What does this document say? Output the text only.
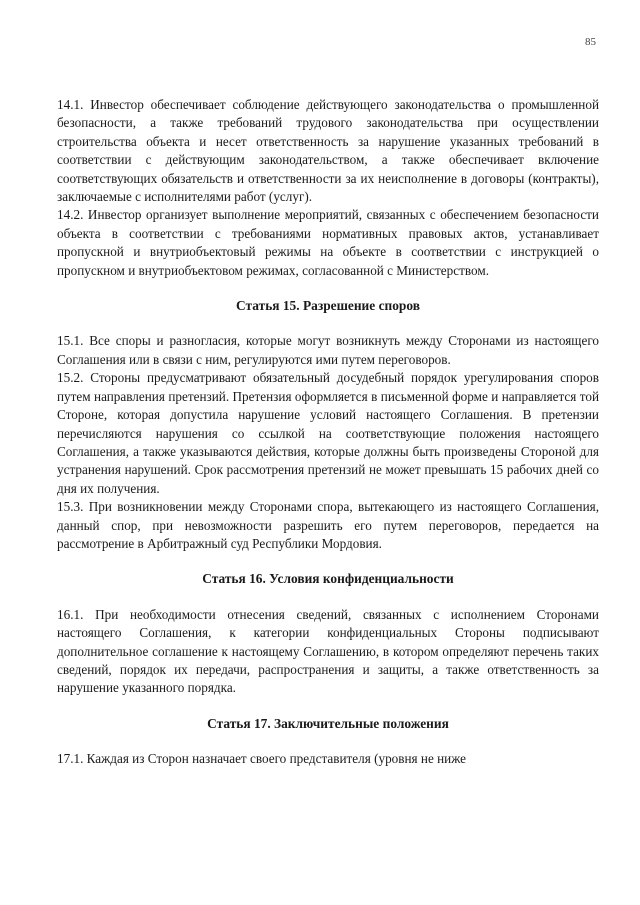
85

14.1. Инвестор обеспечивает соблюдение действующего законодательства о промышленной безопасности, а также требований трудового законодательства при осуществлении строительства объекта и несет ответственность за нарушение указанных требований в соответствии с действующим законодательством, а также обеспечивает включение соответствующих обязательств и ответственности за их неисполнение в договоры (контракты), заключаемые с исполнителями работ (услуг).

14.2. Инвестор организует выполнение мероприятий, связанных с обеспечением безопасности объекта в соответствии с требованиями нормативных правовых актов, устанавливает пропускной и внутриобъектовый режимы на объекте в соответствии с инструкцией о пропускном и внутриобъектовом режимах, согласованной с Министерством.

Статья 15. Разрешение споров

15.1. Все споры и разногласия, которые могут возникнуть между Сторонами из настоящего Соглашения или в связи с ним, регулируются ими путем переговоров.

15.2. Стороны предусматривают обязательный досудебный порядок урегулирования споров путем направления претензий. Претензия оформляется в письменной форме и направляется той Стороне, которая допустила нарушение условий настоящего Соглашения. В претензии перечисляются нарушения со ссылкой на соответствующие положения настоящего Соглашения, а также указываются действия, которые должны быть произведены Стороной для устранения нарушений. Срок рассмотрения претензий не может превышать 15 рабочих дней со дня их получения.

15.3. При возникновении между Сторонами спора, вытекающего из настоящего Соглашения, данный спор, при невозможности разрешить его путем переговоров, передается на рассмотрение в Арбитражный суд Республики Мордовия.

Статья 16. Условия конфиденциальности

16.1. При необходимости отнесения сведений, связанных с исполнением Сторонами настоящего Соглашения, к категории конфиденциальных Стороны подписывают дополнительное соглашение к настоящему Соглашению, в котором определяют перечень таких сведений, порядок их передачи, распространения и защиты, а также ответственность за нарушение указанного порядка.

Статья 17. Заключительные положения

17.1. Каждая из Сторон назначает своего представителя (уровня не ниже
